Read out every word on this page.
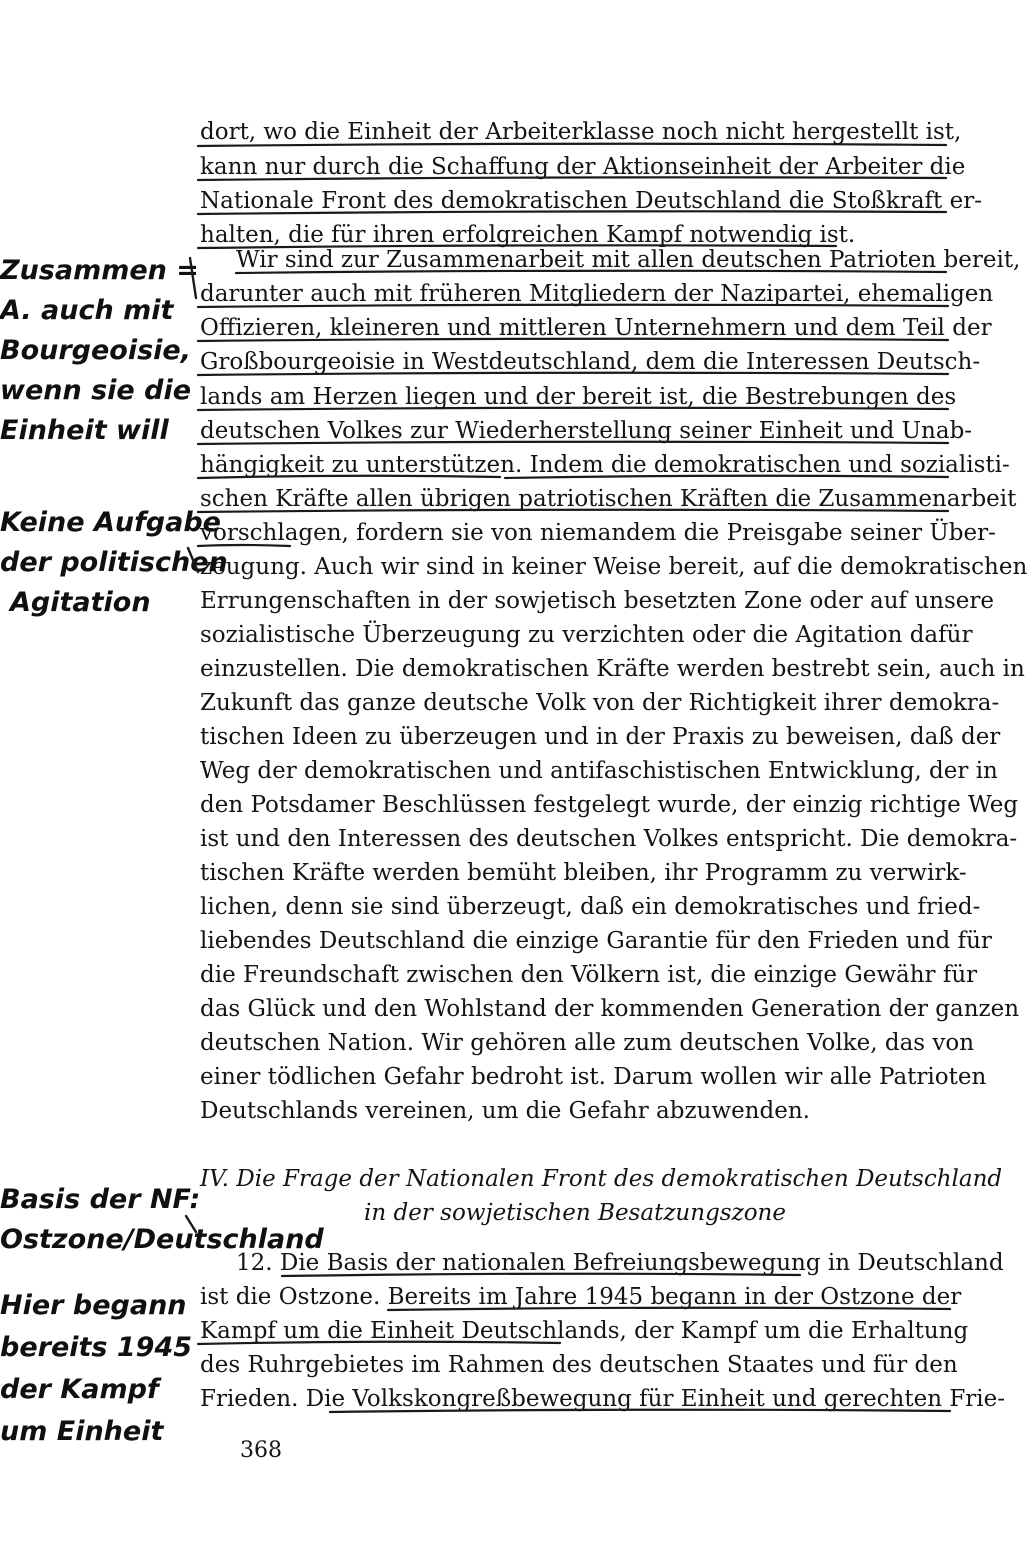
dort, wo die Einheit der Arbeiterklasse noch nicht hergestellt ist,
kann nur durch die Schaffung der Aktionseinheit der Arbeiter die
Nationale Front des demokratischen Deutschland die Stoßkraft er-
halten, die für ihren erfolgreichen Kampf notwendig ist.
Wir sind zur Zusammenarbeit mit allen deutschen Patrioten bereit,
darunter auch mit früheren Mitgliedern der Nazipartei, ehemaligen
Offizieren, kleineren und mittleren Unternehmern und dem Teil der
Großbourgeoisie in Westdeutschland, dem die Interessen Deutsch-
lands am Herzen liegen und der bereit ist, die Bestrebungen des
deutschen Volkes zur Wiederherstellung seiner Einheit und Unab-
hängigkeit zu unterstützen. Indem die demokratischen und sozialisti-
schen Kräfte allen übrigen patriotischen Kräften die Zusammenarbeit
vorschlagen, fordern sie von niemandem die Preisgabe seiner Über-
zeugung. Auch wir sind in keiner Weise bereit, auf die demokratischen
Errungenschaften in der sowjetisch besetzten Zone oder auf unsere
sozialistische Überzeugung zu verzichten oder die Agitation dafür
einzustellen. Die demokratischen Kräfte werden bestrebt sein, auch in
Zukunft das ganze deutsche Volk von der Richtigkeit ihrer demokra-
tischen Ideen zu überzeugen und in der Praxis zu beweisen, daß der
Weg der demokratischen und antifaschistischen Entwicklung, der in
den Potsdamer Beschlüssen festgelegt wurde, der einzig richtige Weg
ist und den Interessen des deutschen Volkes entspricht. Die demokra-
tischen Kräfte werden bemüht bleiben, ihr Programm zu verwirk-
lichen, denn sie sind überzeugt, daß ein demokratisches und fried-
liebendes Deutschland die einzige Garantie für den Frieden und für
die Freundschaft zwischen den Völkern ist, die einzige Gewähr für
das Glück und den Wohlstand der kommenden Generation der ganzen
deutschen Nation. Wir gehören alle zum deutschen Volke, das von
einer tödlichen Gefahr bedroht ist. Darum wollen wir alle Patrioten
Deutschlands vereinen, um die Gefahr abzuwenden.
IV. Die Frage der Nationalen Front des demokratischen Deutschland
in der sowjetischen Besatzungszone
12. Die Basis der nationalen Befreiungsbewegung in Deutschland
ist die Ostzone. Bereits im Jahre 1945 begann in der Ostzone der
Kampf um die Einheit Deutschlands, der Kampf um die Erhaltung
des Ruhrgebietes im Rahmen des deutschen Staates und für den
Frieden. Die Volkskongreßbewegung für Einheit und gerechten Frie-
368
Zusammen =
A. auch mit
Bourgeoisie,
wenn sie die
Einheit will
Keine Aufgabe
der politischen
Agitation
Basis der NF:
Ostzone/Deutschland
Hier begann
bereits 1945
der Kampf
um Einheit
